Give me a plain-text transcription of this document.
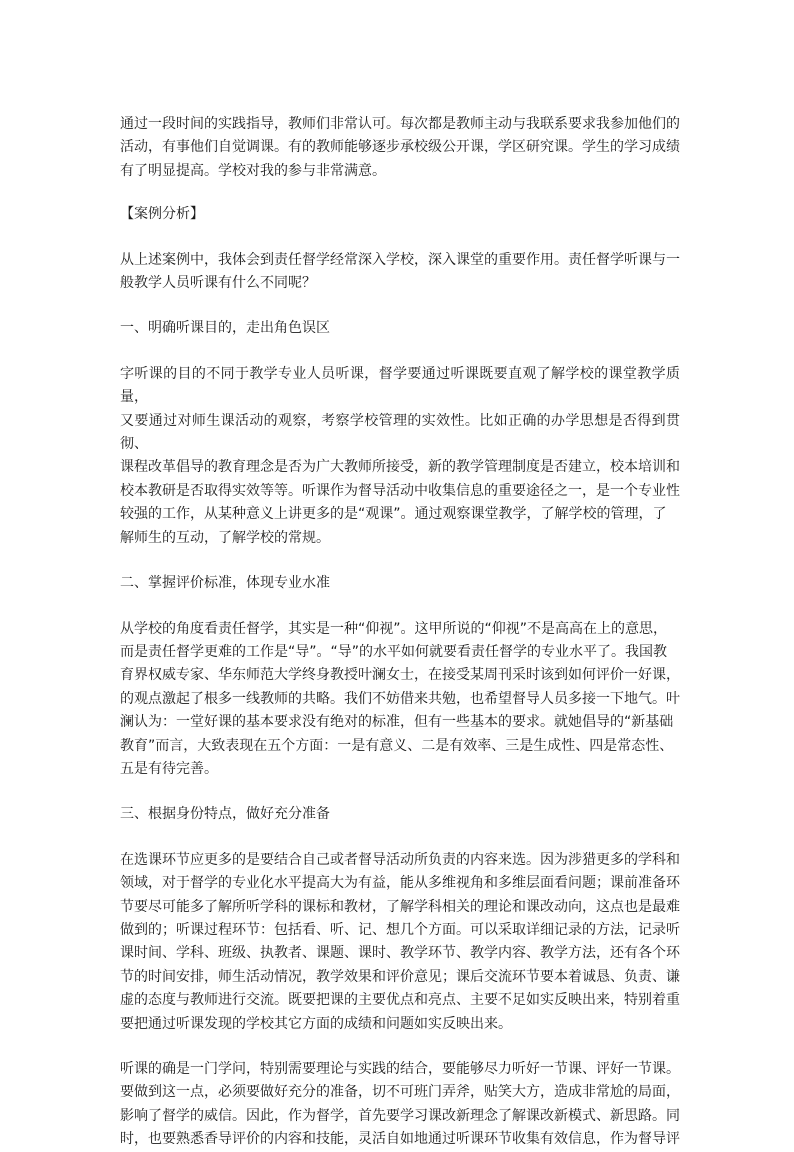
通过一段时间的实践指导，教师们非常认可。每次都是教师主动与我联系要求我参加他们的
活动，有事他们自觉调课。有的教师能够逐步承校级公开课，学区研究课。学生的学习成绩
有了明显提高。学校对我的参与非常满意。

【案例分析】

从上述案例中，我体会到责任督学经常深入学校，深入课堂的重要作用。责任督学听课与一
般教学人员听课有什么不同呢？

一、明确听课目的，走出角色误区

字听课的目的不同于教学专业人员听课，督学要通过听课既要直观了解学校的课堂教学质量，
又要通过对师生课活动的观察，考察学校管理的实效性。比如正确的办学思想是否得到贯彻、
课程改革倡导的教育理念是否为广大教师所接受，新的教学管理制度是否建立，校本培训和
校本教研是否取得实效等等。听课作为督导活动中收集信息的重要途径之一，是一个专业性
较强的工作，从某种意义上讲更多的是“观课”。通过观察课堂教学，了解学校的管理，了
解师生的互动，了解学校的常规。

二、掌握评价标准，体现专业水准

从学校的角度看责任督学，其实是一种“仰视”。这甲所说的“仰视”不是高高在上的意思，
而是责任督学更难的工作是“导”。“导”的水平如何就要看责任督学的专业水平了。我国教
育界权威专家、华东师范大学终身教授叶澜女士，在接受某周刊采时该到如何评价一好课，
的观点激起了根多一线教师的共略。我们不妨借来共勉，也希望督导人员多接一下地气。叶
澜认为：一堂好课的基本要求没有绝对的标准，但有一些基本的要求。就她倡导的“新基础
教育”而言，大致表现在五个方面：一是有意义、二是有效率、三是生成性、四是常态性、
五是有待完善。

三、根据身份特点，做好充分准备

在选课环节应更多的是要结合自己或者督导活动所负责的内容来选。因为涉猎更多的学科和
领域，对于督学的专业化水平提高大为有益，能从多维视角和多维层面看问题；课前准备环
节要尽可能多了解所听学科的课标和教材，了解学科相关的理论和课改动向，这点也是最难
做到的；听课过程环节：包括看、听、记、想几个方面。可以采取详细记录的方法，记录听
课时间、学科、班级、执教者、课题、课时、教学环节、教学内容、教学方法，还有各个环
节的时间安排，师生活动情况，教学效果和评价意见；课后交流环节要本着诚恳、负责、谦
虚的态度与教师进行交流。既要把课的主要优点和亮点、主要不足如实反映出来，特别着重
要把通过听课发现的学校其它方面的成绩和问题如实反映出来。

听课的确是一门学问，特别需要理论与实践的结合，要能够尽力听好一节课、评好一节课。
要做到这一点，必须要做好充分的准备，切不可班门弄斧，贴笑大方，造成非常尬的局面，
影响了督学的威信。因此，作为督学，首先要学习课改新理念了解课改新模式、新思路。同
时，也要熟悉香导评价的内容和技能，灵活自如地通过听课环节收集有效信息，作为督导评
